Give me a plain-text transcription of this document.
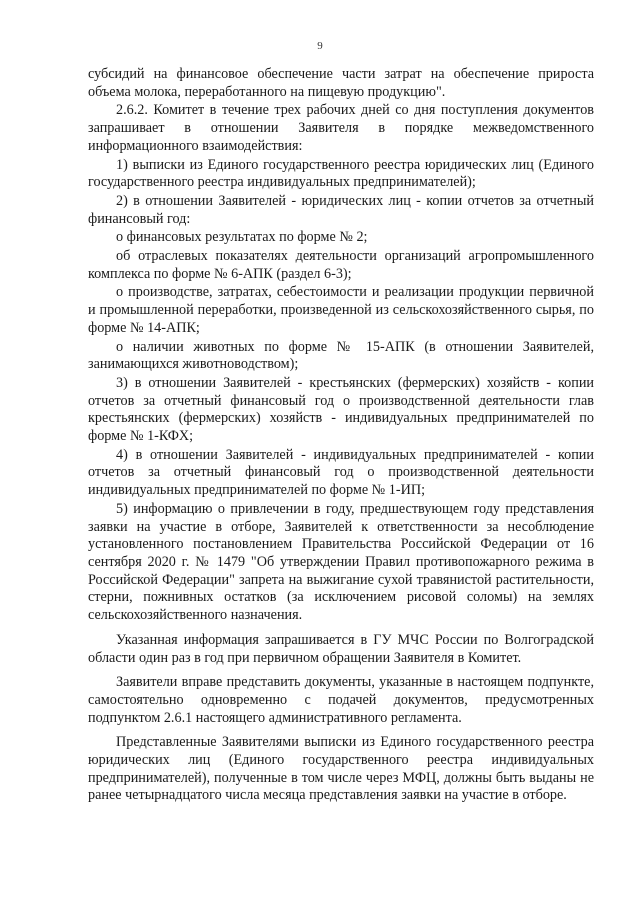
9

субсидий на финансовое обеспечение части затрат на обеспечение прироста объема молока, переработанного на пищевую продукцию".

2.6.2. Комитет в течение трех рабочих дней со дня поступления документов запрашивает в отношении Заявителя в порядке межведомственного информационного взаимодействия:

1) выписки из Единого государственного реестра юридических лиц (Единого государственного реестра индивидуальных предпринимателей);

2) в отношении Заявителей - юридических лиц - копии отчетов за отчетный финансовый год:

о финансовых результатах по форме № 2;

об отраслевых показателях деятельности организаций агропромышленного комплекса по форме № 6-АПК (раздел 6-3);

о производстве, затратах, себестоимости и реализации продукции первичной и промышленной переработки, произведенной из сельскохозяйственного сырья, по форме № 14-АПК;

о наличии животных по форме № 15-АПК (в отношении Заявителей, занимающихся животноводством);

3) в отношении Заявителей - крестьянских (фермерских) хозяйств - копии отчетов за отчетный финансовый год о производственной деятельности глав крестьянских (фермерских) хозяйств - индивидуальных предпринимателей по форме № 1-КФХ;

4) в отношении Заявителей - индивидуальных предпринимателей - копии отчетов за отчетный финансовый год о производственной деятельности индивидуальных предпринимателей по форме № 1-ИП;

5) информацию о привлечении в году, предшествующем году представления заявки на участие в отборе, Заявителей к ответственности за несоблюдение установленного постановлением Правительства Российской Федерации от 16 сентября 2020 г. № 1479 "Об утверждении Правил противопожарного режима в Российской Федерации" запрета на выжигание сухой травянистой растительности, стерни, пожнивных остатков (за исключением рисовой соломы) на землях сельскохозяйственного назначения.

Указанная информация запрашивается в ГУ МЧС России по Волгоградской области один раз в год при первичном обращении Заявителя в Комитет.

Заявители вправе представить документы, указанные в настоящем подпункте, самостоятельно одновременно с подачей документов, предусмотренных подпунктом 2.6.1 настоящего административного регламента.

Представленные Заявителями выписки из Единого государственного реестра юридических лиц (Единого государственного реестра индивидуальных предпринимателей), полученные в том числе через МФЦ, должны быть выданы не ранее четырнадцатого числа месяца представления заявки на участие в отборе.
